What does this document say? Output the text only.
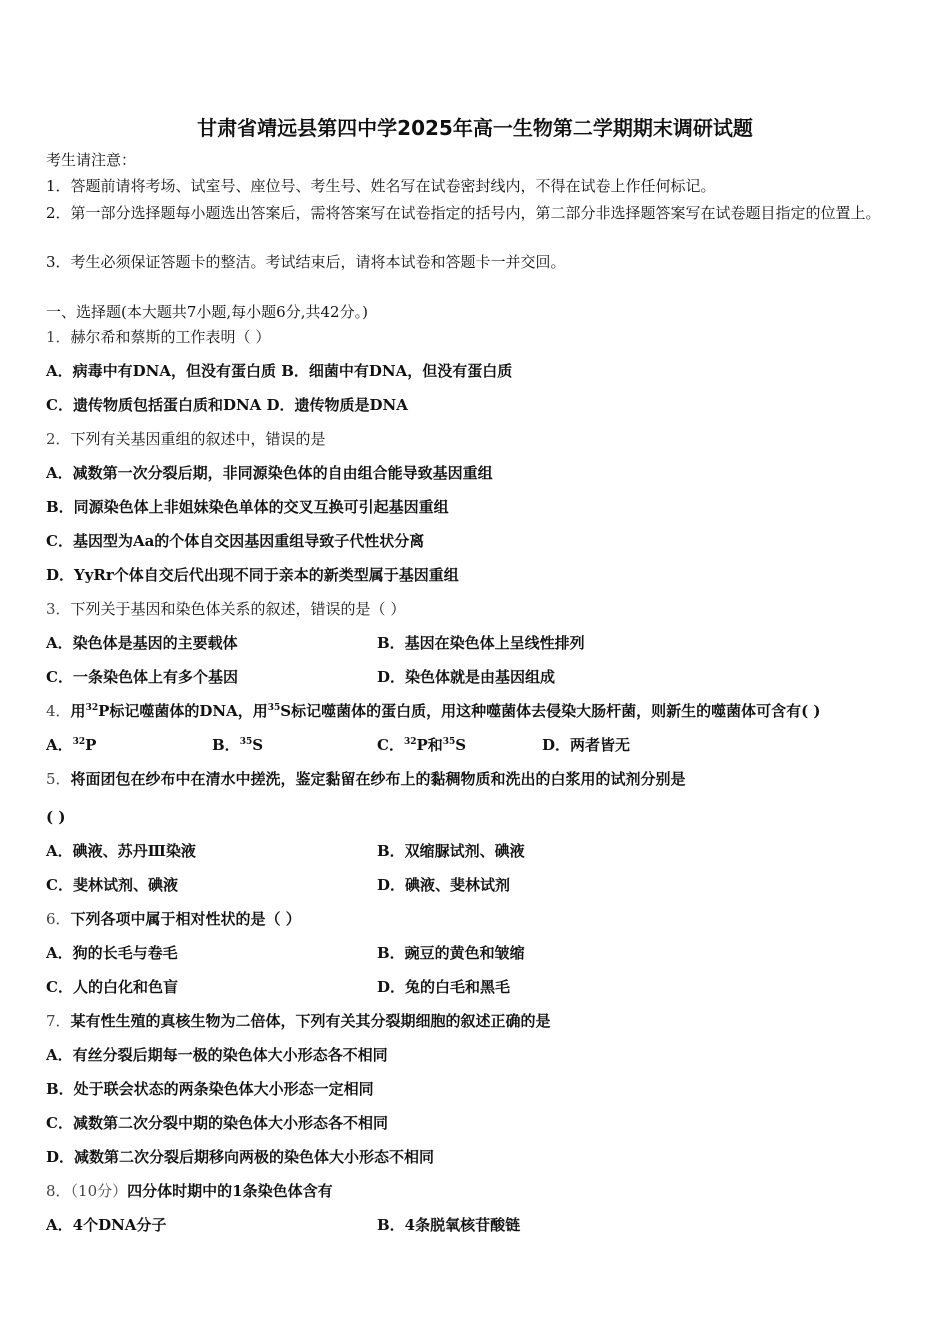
甘肃省靖远县第四中学2025年高一生物第二学期期末调研试题
考生请注意：
1．答题前请将考场、试室号、座位号、考生号、姓名写在试卷密封线内，不得在试卷上作任何标记。
2．第一部分选择题每小题选出答案后，需将答案写在试卷指定的括号内，第二部分非选择题答案写在试卷题目指定的位置上。
3．考生必须保证答题卡的整洁。考试结束后，请将本试卷和答题卡一并交回。
一、选择题(本大题共7小题,每小题6分,共42分。)
1．赫尔希和蔡斯的工作表明（ ）
A．病毒中有DNA，但没有蛋白质 B．细菌中有DNA，但没有蛋白质
C．遗传物质包括蛋白质和DNA D．遗传物质是DNA
2．下列有关基因重组的叙述中，错误的是
A．减数第一次分裂后期，非同源染色体的自由组合能导致基因重组
B．同源染色体上非姐妹染色单体的交叉互换可引起基因重组
C．基因型为Aa的个体自交因基因重组导致子代性状分离
D．YyRr个体自交后代出现不同于亲本的新类型属于基因重组
3．下列关于基因和染色体关系的叙述，错误的是（ ）
A．染色体是基因的主要载体	B．基因在染色体上呈线性排列
C．一条染色体上有多个基因	D．染色体就是由基因组成
4．用$^{32}$P标记噬菌体的DNA，用$^{35}$S标记噬菌体的蛋白质，用这种噬菌体去侵染大肠杆菌，则新生的噬菌体可含有( )
A．$^{32}$P	B．$^{35}$S	C．$^{32}$P和$^{35}$S	D．两者皆无
5．将面团包在纱布中在清水中搓洗，鉴定黏留在纱布上的黏稠物质和洗出的白浆用的试剂分别是
( )
A．碘液、苏丹Ⅲ染液	B．双缩脲试剂、碘液
C．斐林试剂、碘液	D．碘液、斐林试剂
6．下列各项中属于相对性状的是（ ）
A．狗的长毛与卷毛	B．豌豆的黄色和皱缩
C．人的白化和色盲	D．兔的白毛和黑毛
7．某有性生殖的真核生物为二倍体，下列有关其分裂期细胞的叙述正确的是
A．有丝分裂后期每一极的染色体大小形态各不相同
B．处于联会状态的两条染色体大小形态一定相同
C．减数第二次分裂中期的染色体大小形态各不相同
D．减数第二次分裂后期移向两极的染色体大小形态不相同
8．（10分）四分体时期中的1条染色体含有
A．4个DNA分子	B．4条脱氧核苷酸链
